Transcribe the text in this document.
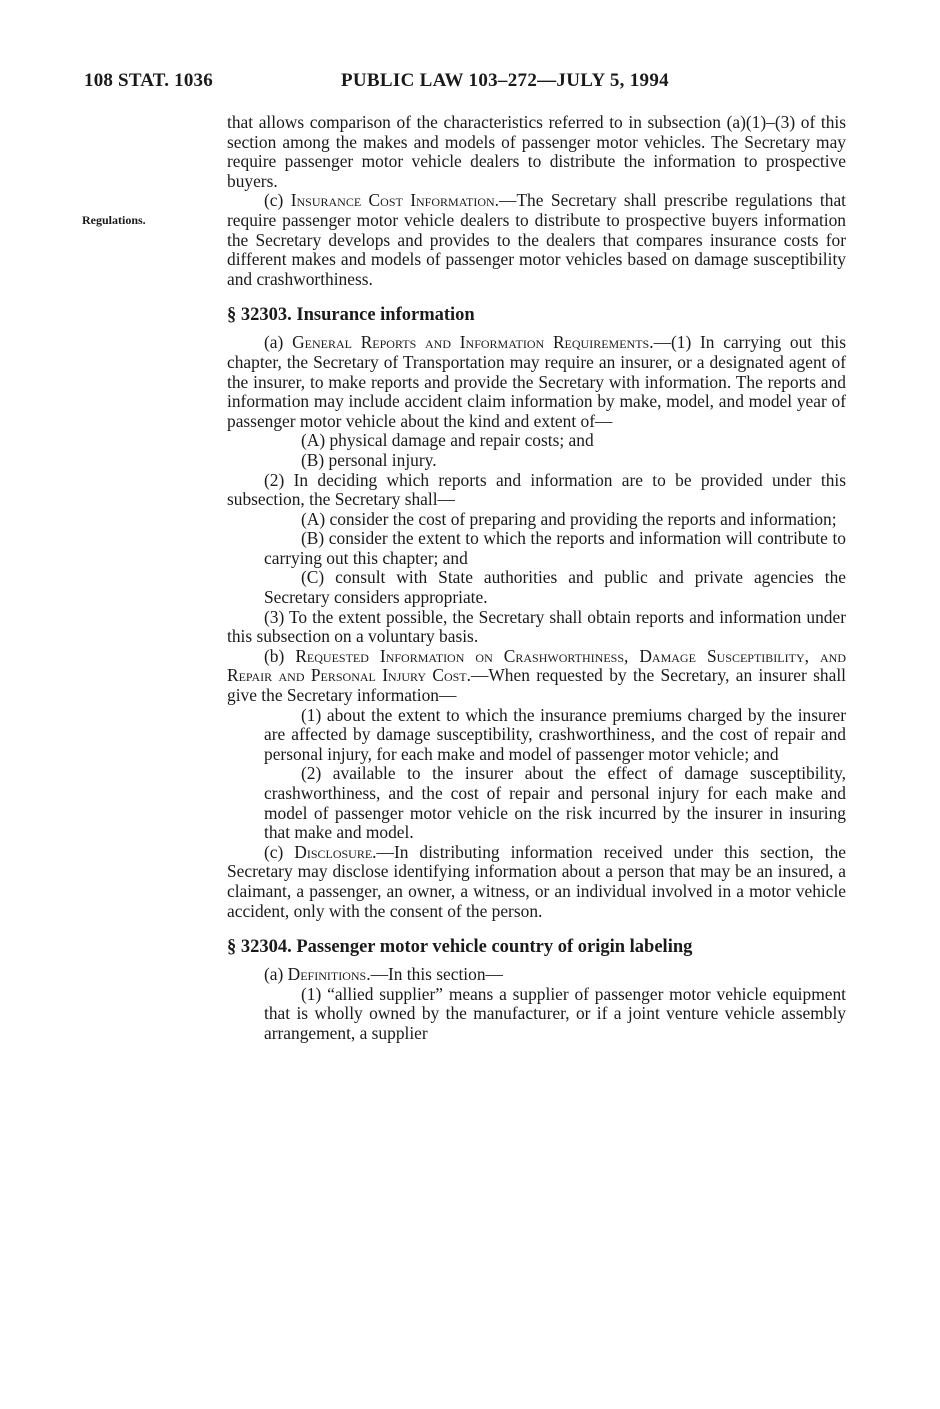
108 STAT. 1036	PUBLIC LAW 103–272—JULY 5, 1994
Regulations.

that allows comparison of the characteristics referred to in subsection (a)(1)–(3) of this section among the makes and models of passenger motor vehicles. The Secretary may require passenger motor vehicle dealers to distribute the information to prospective buyers.

(c) Insurance Cost Information.—The Secretary shall prescribe regulations that require passenger motor vehicle dealers to distribute to prospective buyers information the Secretary develops and provides to the dealers that compares insurance costs for different makes and models of passenger motor vehicles based on damage susceptibility and crashworthiness.

§ 32303. Insurance information

(a) General Reports and Information Requirements.—(1) In carrying out this chapter, the Secretary of Transportation may require an insurer, or a designated agent of the insurer, to make reports and provide the Secretary with information. The reports and information may include accident claim information by make, model, and model year of passenger motor vehicle about the kind and extent of—

(A) physical damage and repair costs; and

(B) personal injury.

(2) In deciding which reports and information are to be provided under this subsection, the Secretary shall—

(A) consider the cost of preparing and providing the reports and information;

(B) consider the extent to which the reports and information will contribute to carrying out this chapter; and

(C) consult with State authorities and public and private agencies the Secretary considers appropriate.

(3) To the extent possible, the Secretary shall obtain reports and information under this subsection on a voluntary basis.

(b) Requested Information on Crashworthiness, Damage Susceptibility, and Repair and Personal Injury Cost.—When requested by the Secretary, an insurer shall give the Secretary information—

(1) about the extent to which the insurance premiums charged by the insurer are affected by damage susceptibility, crashworthiness, and the cost of repair and personal injury, for each make and model of passenger motor vehicle; and

(2) available to the insurer about the effect of damage susceptibility, crashworthiness, and the cost of repair and personal injury for each make and model of passenger motor vehicle on the risk incurred by the insurer in insuring that make and model.

(c) Disclosure.—In distributing information received under this section, the Secretary may disclose identifying information about a person that may be an insured, a claimant, a passenger, an owner, a witness, or an individual involved in a motor vehicle accident, only with the consent of the person.

§ 32304. Passenger motor vehicle country of origin labeling

(a) Definitions.—In this section—

(1) “allied supplier” means a supplier of passenger motor vehicle equipment that is wholly owned by the manufacturer, or if a joint venture vehicle assembly arrangement, a supplier
